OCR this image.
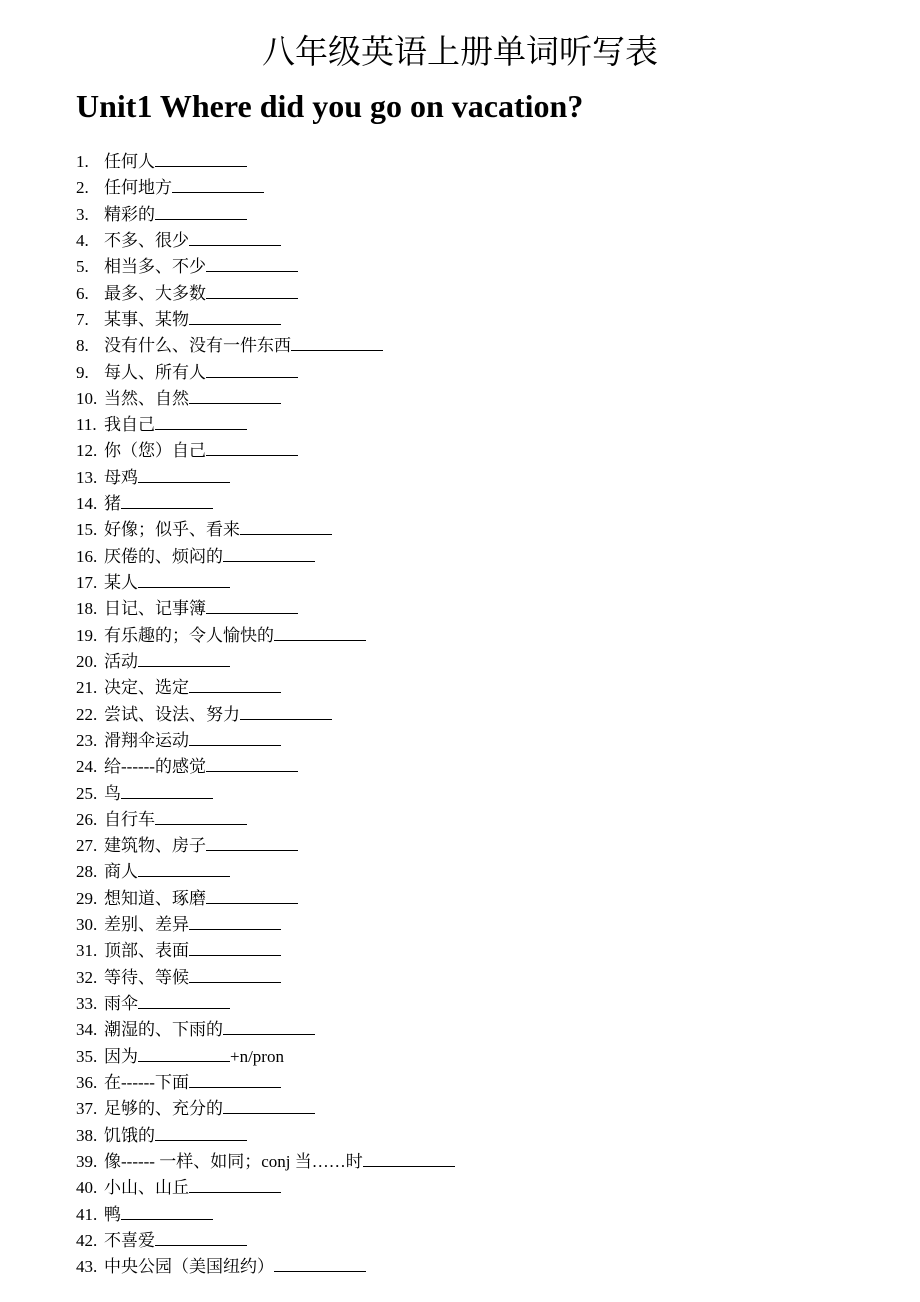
八年级英语上册单词听写表
Unit1 Where did you go on vacation?
1. 任何人
2. 任何地方
3. 精彩的
4. 不多、很少
5. 相当多、不少
6. 最多、大多数
7. 某事、某物
8. 没有什么、没有一件东西
9. 每人、所有人
10. 当然、自然
11. 我自己
12. 你（您）自己
13. 母鸡
14. 猪
15. 好像；似乎、看来
16. 厌倦的、烦闷的
17. 某人
18. 日记、记事簿
19. 有乐趣的；令人愉快的
20. 活动
21. 决定、选定
22. 尝试、设法、努力
23. 滑翔伞运动
24. 给------的感觉
25. 鸟
26. 自行车
27. 建筑物、房子
28. 商人
29. 想知道、琢磨
30. 差别、差异
31. 顶部、表面
32. 等待、等候
33. 雨伞
34. 潮湿的、下雨的
35. 因为	+n/pron
36. 在------下面
37. 足够的、充分的
38. 饥饿的
39. 像------ 一样、如同；conj 当……时
40. 小山、山丘
41. 鸭
42. 不喜爱
43. 中央公园（美国纽约）
